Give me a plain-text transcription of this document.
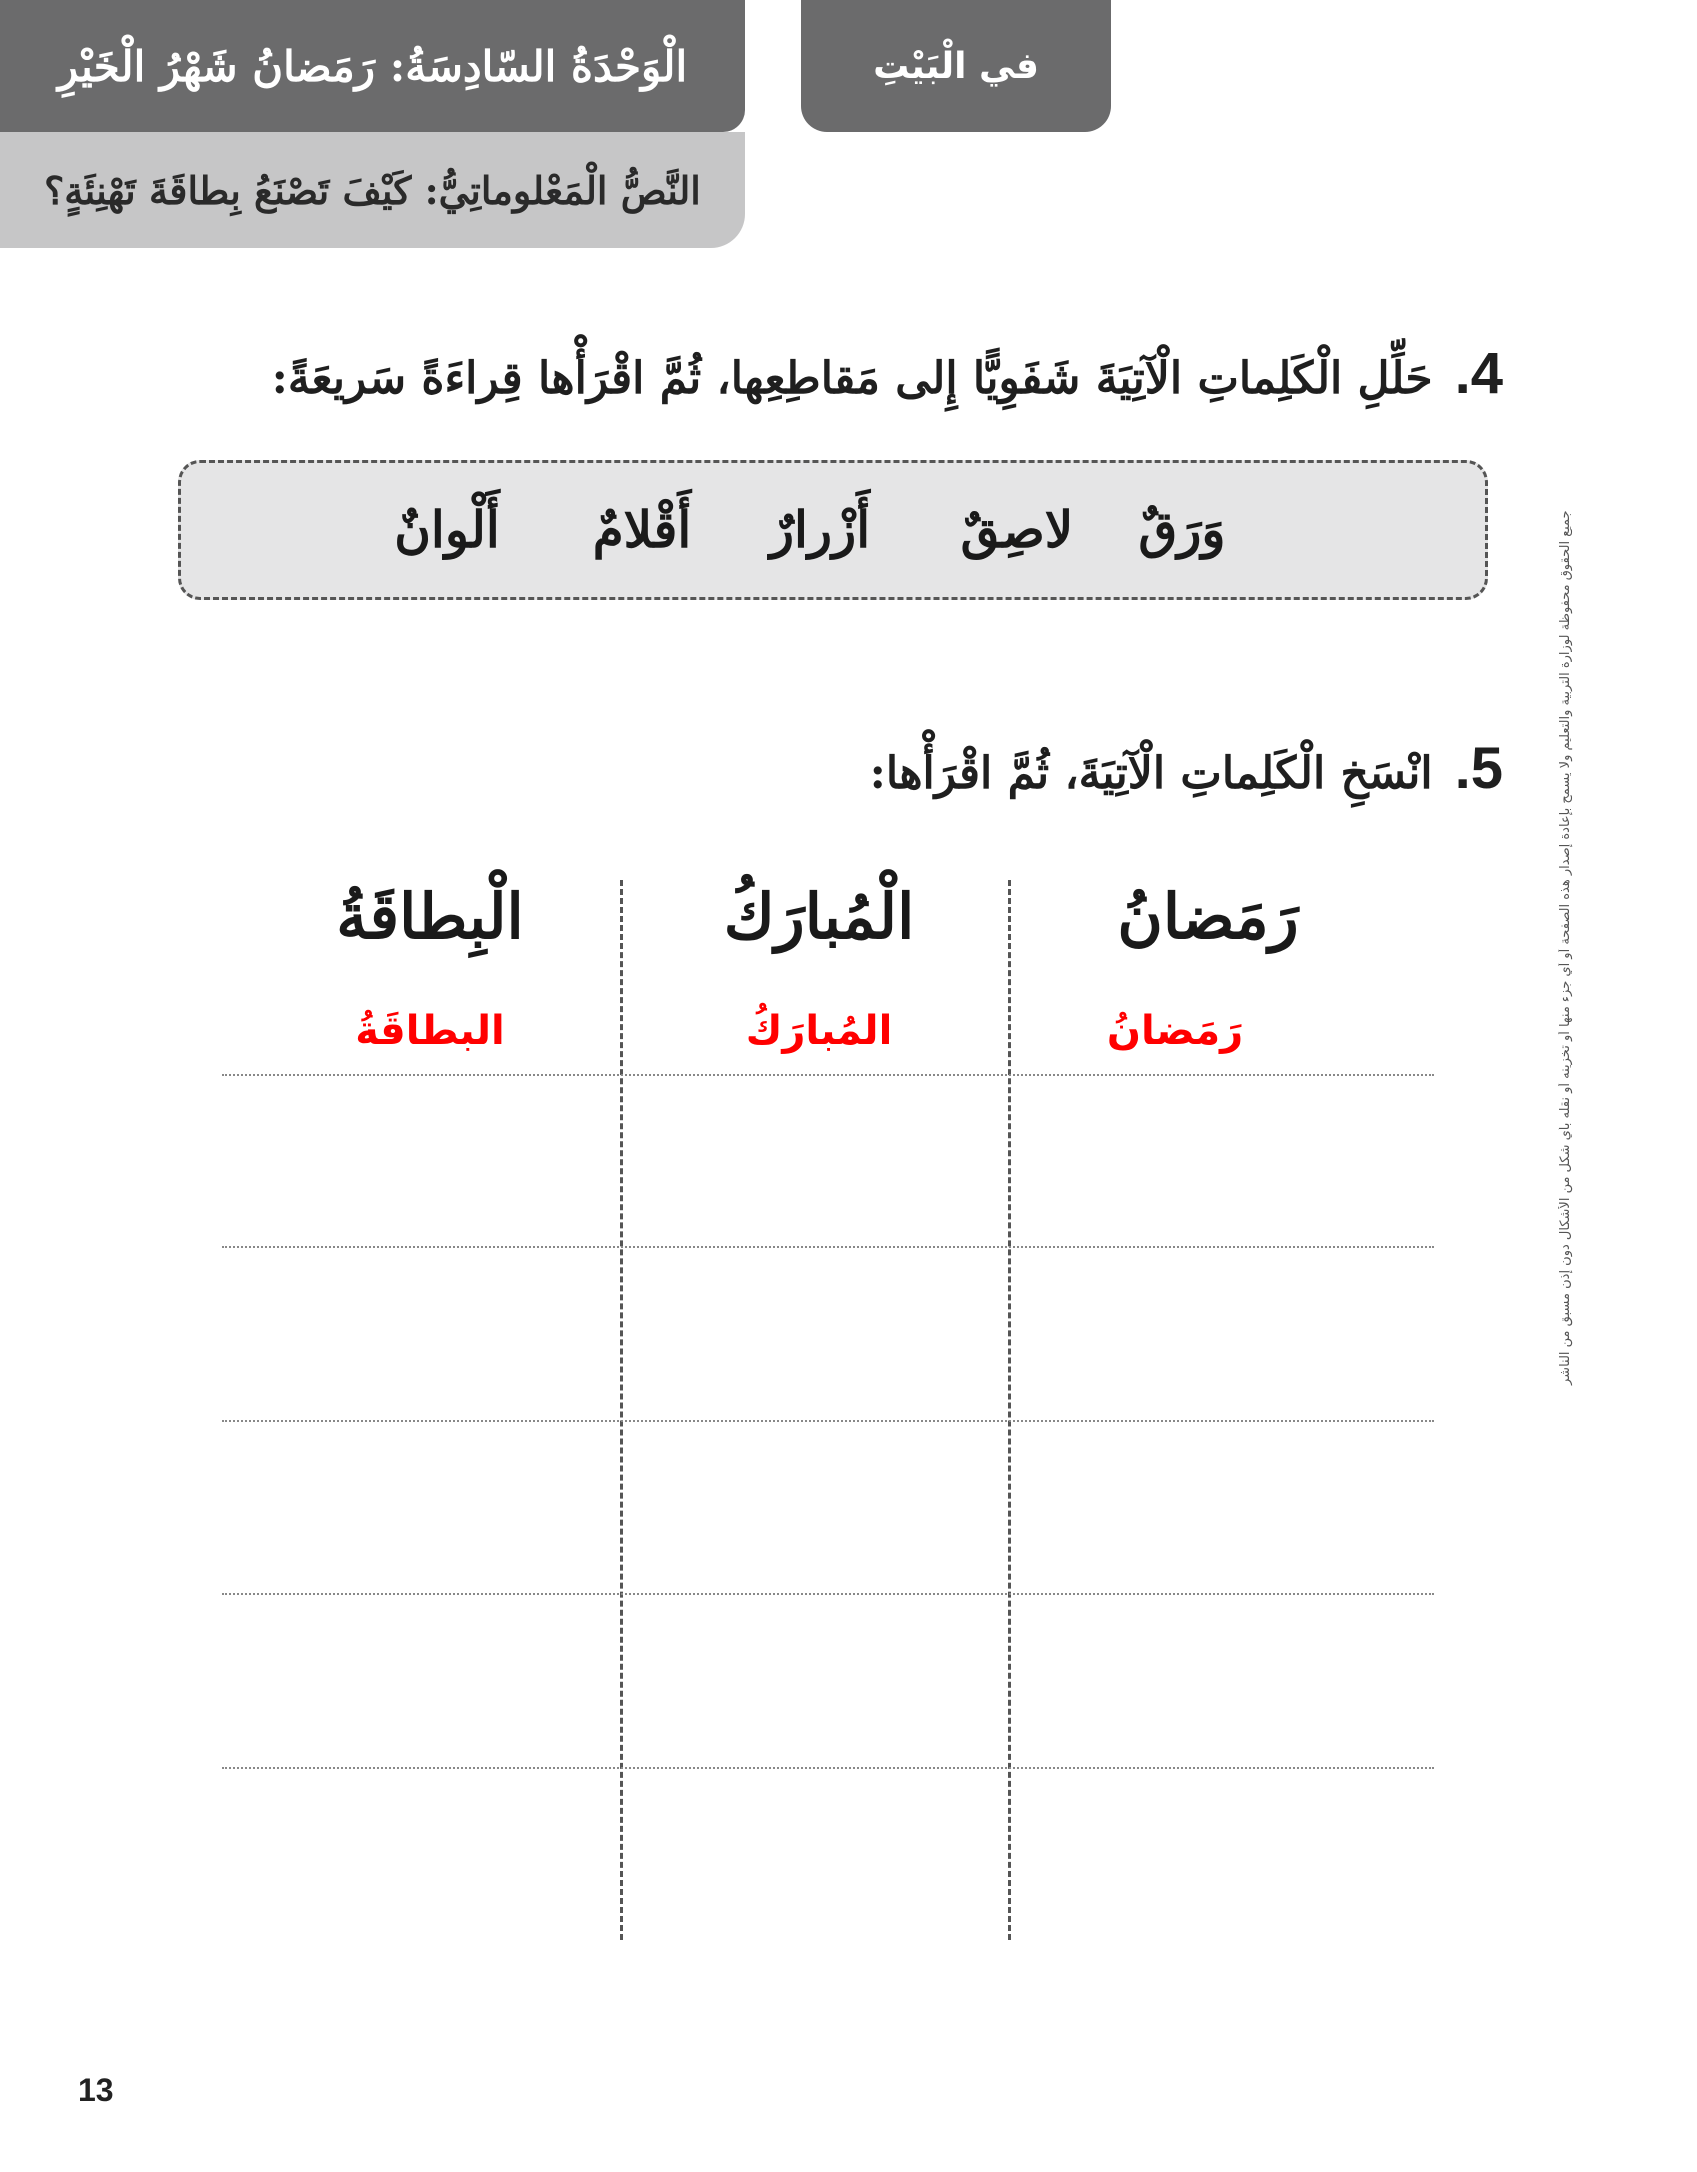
الْوَحْدَةُ السّادِسَةُ: رَمَضانُ شَهْرُ الْخَيْرِ
النَّصُّ الْمَعْلوماتِيُّ: كَيْفَ تَصْنَعُ بِطاقَةَ تَهْنِئَةٍ؟
في الْبَيْتِ
4.
حَلِّلِ الْكَلِماتِ الْآتِيَةَ شَفَوِيًّا إِلى مَقاطِعِها، ثُمَّ اقْرَأْها قِراءَةً سَريعَةً:
وَرَقٌ
لاصِقٌ
أَزْرارٌ
أَقْلامٌ
أَلْوانٌ
5.
انْسَخِ الْكَلِماتِ الْآتِيَةَ، ثُمَّ اقْرَأْها:
رَمَضانُ
الْمُبارَكُ
الْبِطاقَةُ
رَمَضانُ
المُبارَكُ
البطاقَةُ	جميع الحقوق محفوظة لوزارة التربية والتعليم ولا يسمح بإعادة إصدار هذه الصفحة أو أي جزء منها أو تخزينه أو نقله بأي شكل من الأشكال دون إذن مسبق من الناشر
13
